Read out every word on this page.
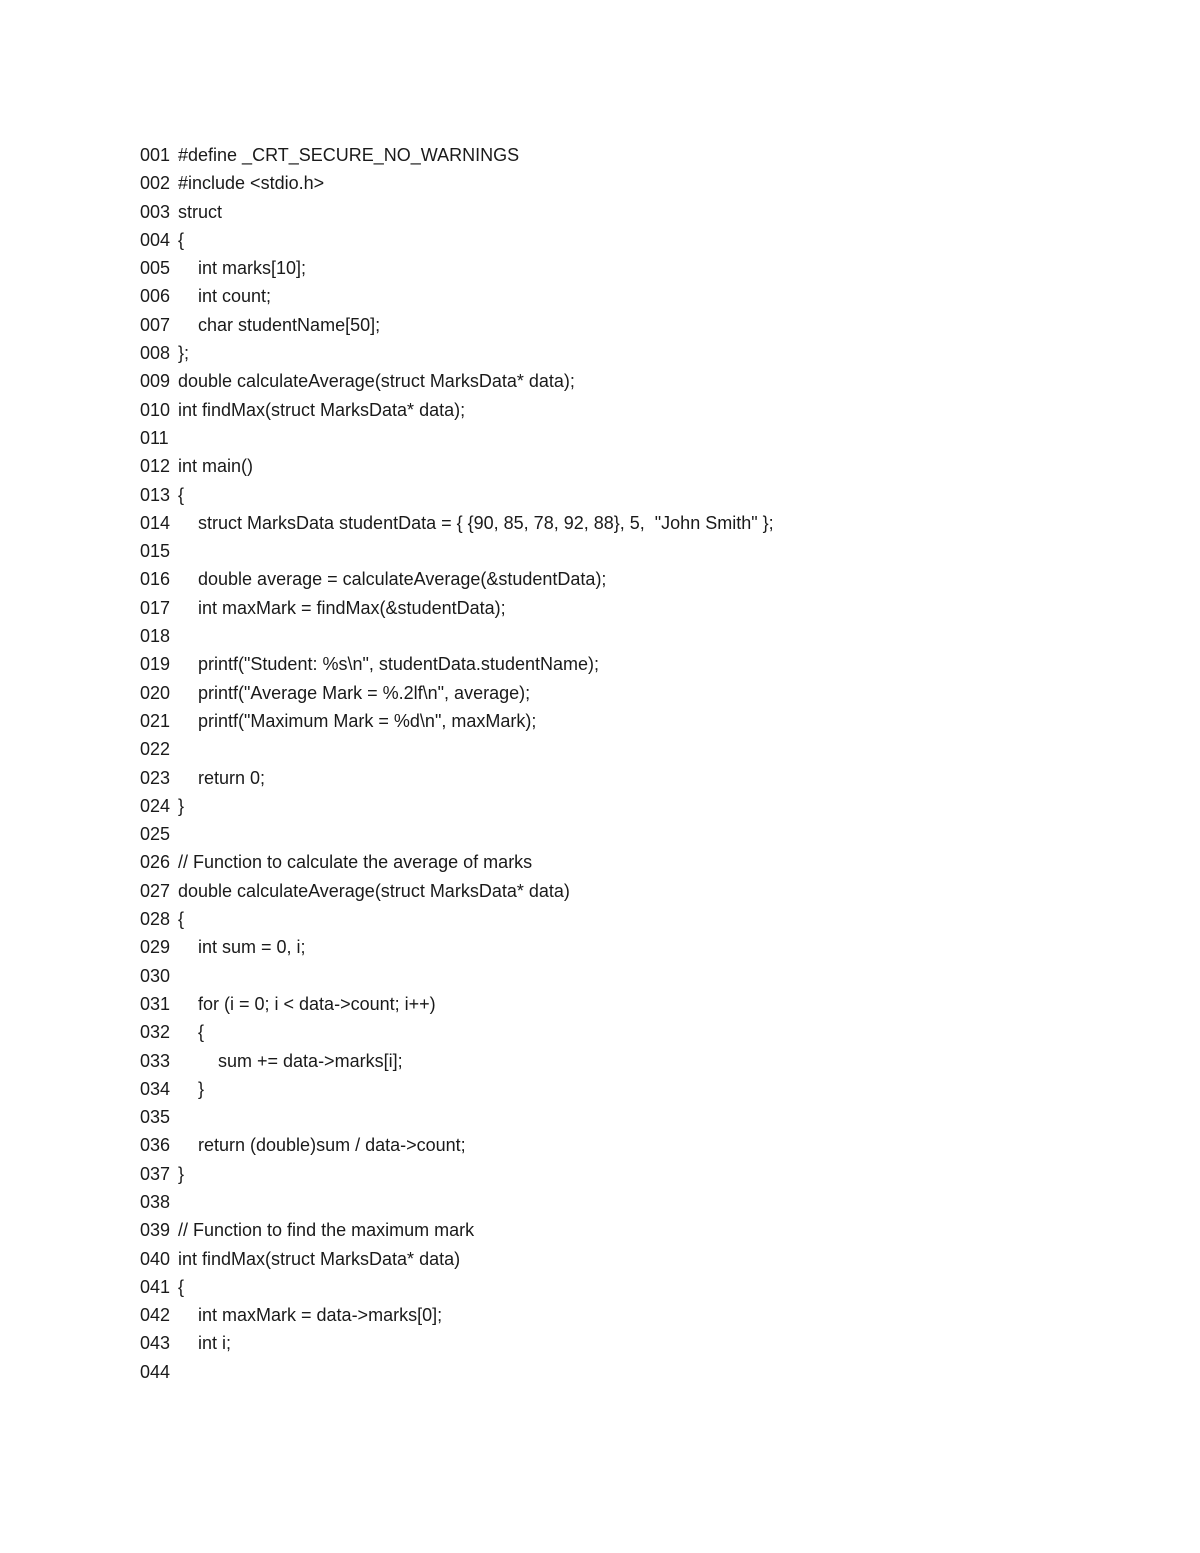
001 #define _CRT_SECURE_NO_WARNINGS
002 #include <stdio.h>
003 struct
004 {
005	int marks[10];
006	int count;
007	char studentName[50];
008 };
009 double calculateAverage(struct MarksData* data);
010 int findMax(struct MarksData* data);
011
012 int main()
013 {
014	struct MarksData studentData = { {90, 85, 78, 92, 88}, 5,  "John Smith" };
015
016	double average = calculateAverage(&studentData);
017	int maxMark = findMax(&studentData);
018
019	printf("Student: %s\n", studentData.studentName);
020	printf("Average Mark = %.2lf\n", average);
021	printf("Maximum Mark = %d\n", maxMark);
022
023	return 0;
024 }
025
026 // Function to calculate the average of marks
027 double calculateAverage(struct MarksData* data)
028 {
029	int sum = 0, i;
030
031	for (i = 0; i < data->count; i++)
032	{
033	sum += data->marks[i];
034	}
035
036	return (double)sum / data->count;
037 }
038
039 // Function to find the maximum mark
040 int findMax(struct MarksData* data)
041 {
042	int maxMark = data->marks[0];
043	int i;
044
